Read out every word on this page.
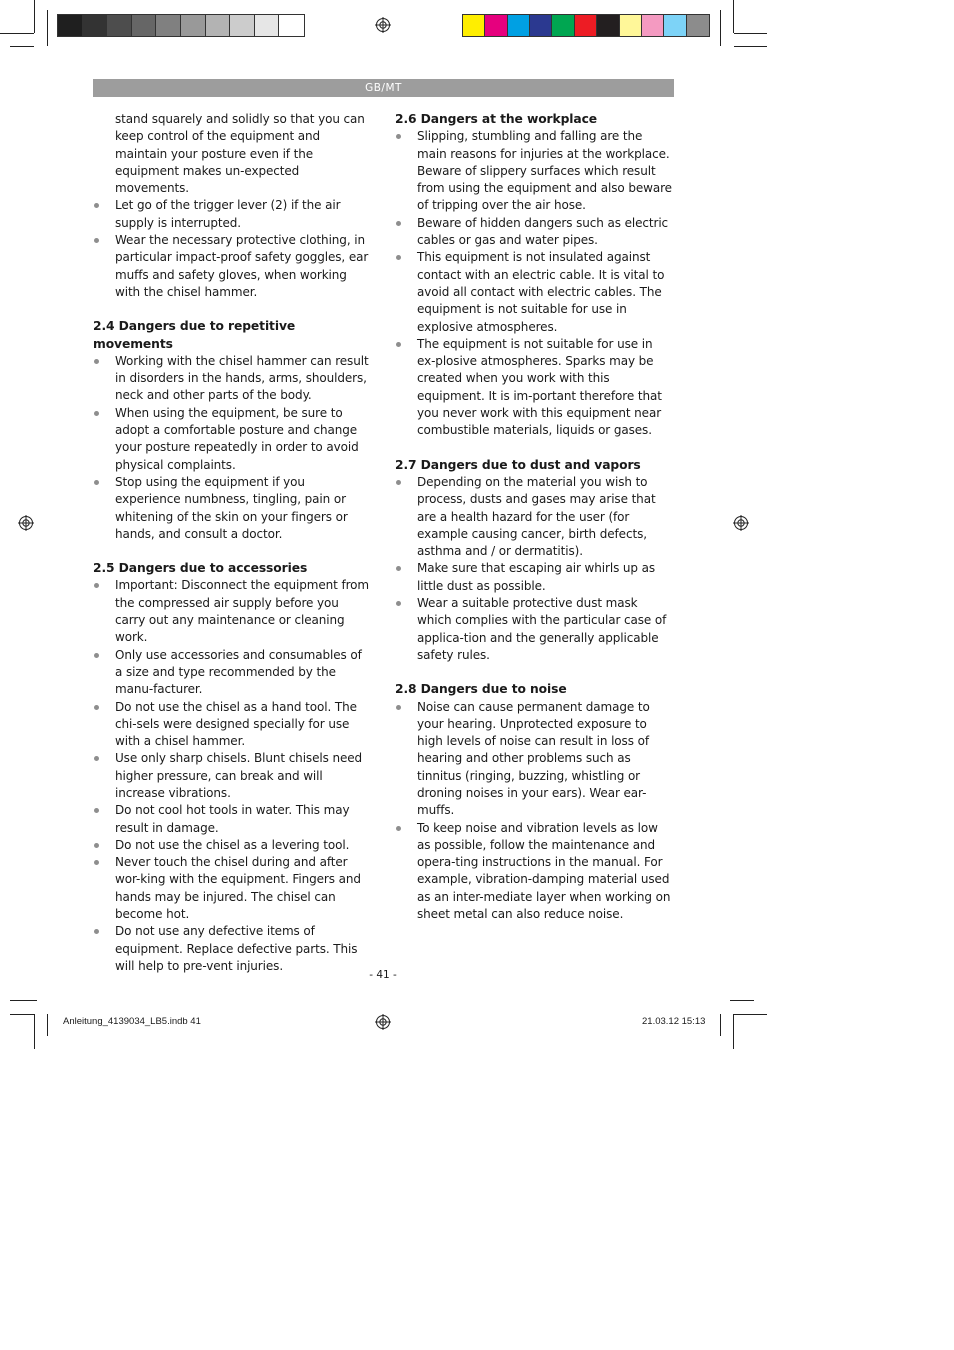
GB/MT

stand squarely and solidly so that you can keep control of the equipment and maintain your posture even if the equipment makes un-expected movements.

Let go of the trigger lever (2) if the air supply is interrupted.
Wear the necessary protective clothing, in particular impact-proof safety goggles, ear muffs and safety gloves, when working with the chisel hammer.
2.4 Dangers due to repetitive movements
Working with the chisel hammer can result in disorders in the hands, arms, shoulders, neck and other parts of the body.
When using the equipment, be sure to adopt a comfortable posture and change your posture repeatedly in order to avoid physical complaints.
Stop using the equipment if you experience numbness, tingling, pain or whitening of the skin on your fingers or hands, and consult a doctor.
2.5 Dangers due to accessories
Important: Disconnect the equipment from the compressed air supply before you carry out any maintenance or cleaning work.
Only use accessories and consumables of a size and type recommended by the manu-facturer.
Do not use the chisel as a hand tool. The chi-sels were designed specially for use with a chisel hammer.
Use only sharp chisels. Blunt chisels need higher pressure, can break and will increase vibrations.
Do not cool hot tools in water. This may result in damage.
Do not use the chisel as a levering tool.
Never touch the chisel during and after wor-king with the equipment. Fingers and hands may be injured. The chisel can become hot.
Do not use any defective items of equipment. Replace defective parts. This will help to pre-vent injuries.
2.6 Dangers at the workplace
Slipping, stumbling and falling are the main reasons for injuries at the workplace. Beware of slippery surfaces which result from using the equipment and also beware of tripping over the air hose.
Beware of hidden dangers such as electric cables or gas and water pipes.
This equipment is not insulated against contact with an electric cable. It is vital to avoid all contact with electric cables. The equipment is not suitable for use in explosive atmospheres.
The equipment is not suitable for use in ex-plosive atmospheres. Sparks may be created when you work with this equipment. It is im-portant therefore that you never work with this equipment near combustible materials, liquids or gases.
2.7 Dangers due to dust and vapors
Depending on the material you wish to process, dusts and gases may arise that are a health hazard for the user (for example causing cancer, birth defects, asthma and / or dermatitis).
Make sure that escaping air whirls up as little dust as possible.
Wear a suitable protective dust mask which complies with the particular case of applica-tion and the generally applicable safety rules.
2.8 Dangers due to noise
Noise can cause permanent damage to your hearing. Unprotected exposure to high levels of noise can result in loss of hearing and other problems such as tinnitus (ringing, buzzing, whistling or droning noises in your ears). Wear ear-muffs.
To keep noise and vibration levels as low as possible, follow the maintenance and opera-ting instructions in the manual. For example, vibration-damping material used as an inter-mediate layer when working on sheet metal can also reduce noise.
- 41 -
Anleitung_4139034_LB5.indb 41	21.03.12 15:13
